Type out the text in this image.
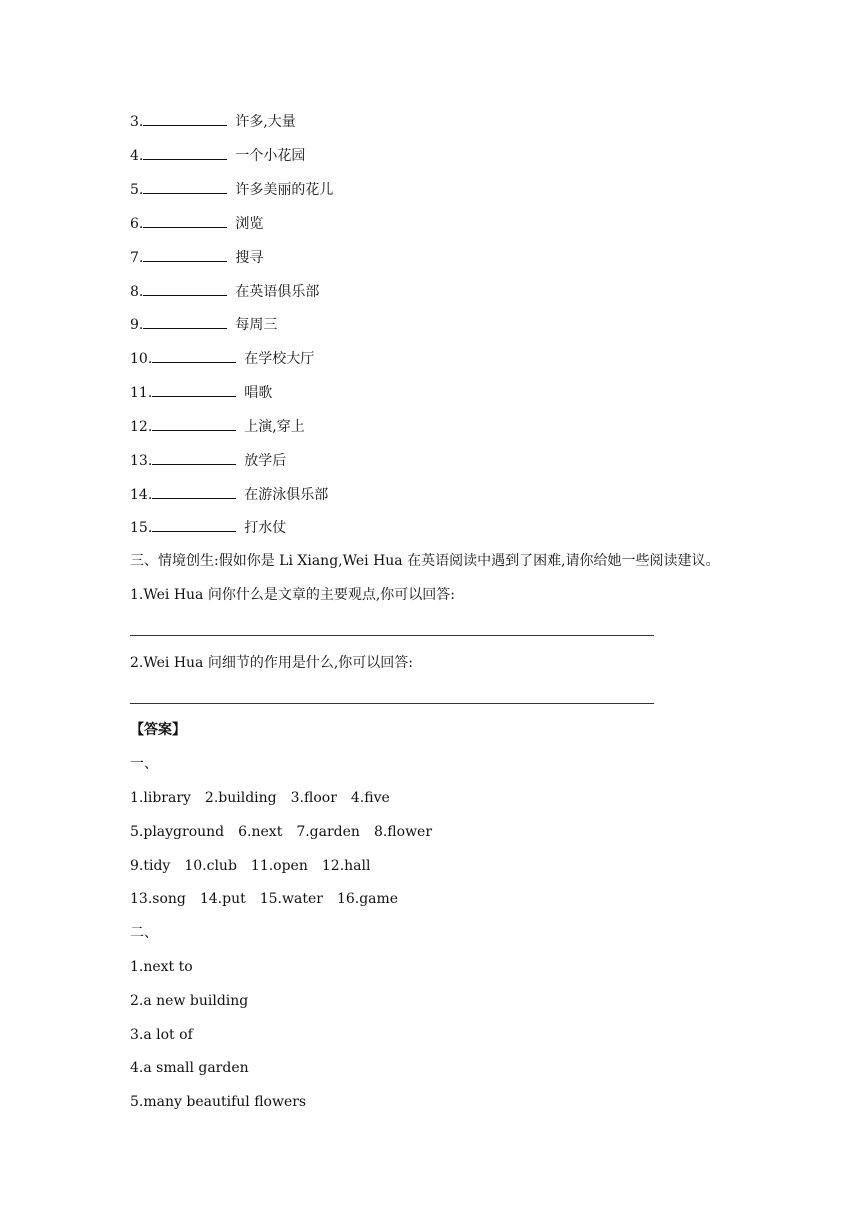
3.	许多,大量
4.	一个小花园
5.	许多美丽的花儿
6.	浏览
7.	搜寻
8.	在英语俱乐部
9.	每周三
10.	在学校大厅
11.	唱歌
12.	上演,穿上
13.	放学后
14.	在游泳俱乐部
15.	打水仗
三、情境创生:假如你是 Li Xiang,Wei Hua 在英语阅读中遇到了困难,请你给她一些阅读建议。
1.Wei Hua 问你什么是文章的主要观点,你可以回答:
2.Wei Hua 问细节的作用是什么,你可以回答:
【答案】
一、
1.library 2.building 3.floor 4.five
5.playground 6.next 7.garden 8.flower
9.tidy 10.club 11.open 12.hall
13.song 14.put 15.water 16.game
二、
1.next to
2.a new building
3.a lot of
4.a small garden
5.many beautiful flowers
